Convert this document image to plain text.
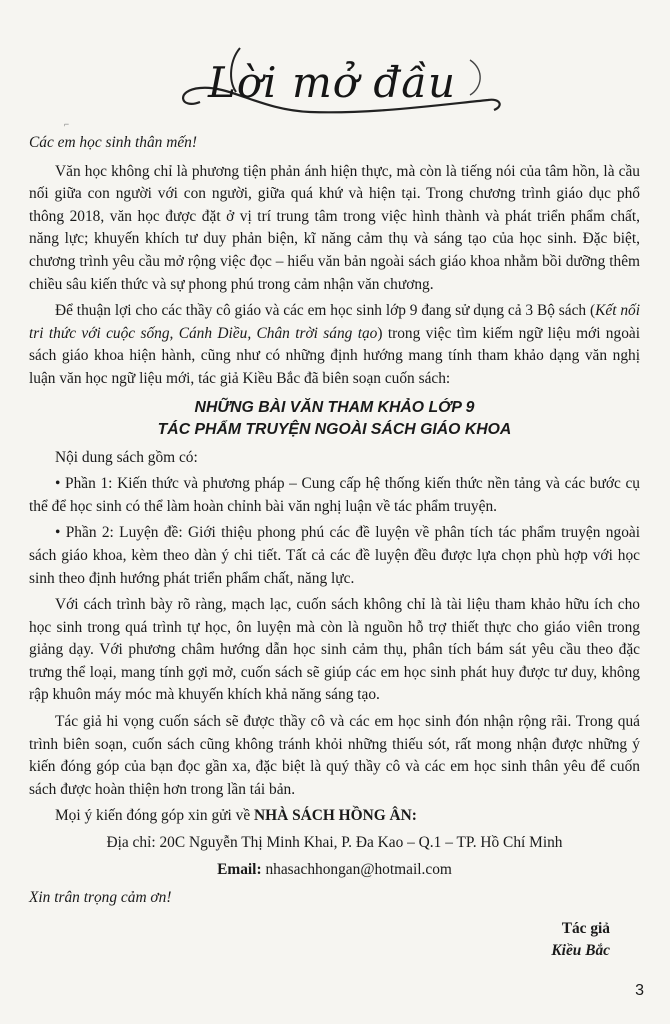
Lời mở đầu
⌐

Các em học sinh thân mến!

Văn học không chỉ là phương tiện phản ánh hiện thực, mà còn là tiếng nói của tâm hồn, là cầu nối giữa con người với con người, giữa quá khứ và hiện tại. Trong chương trình giáo dục phổ thông 2018, văn học được đặt ở vị trí trung tâm trong việc hình thành và phát triển phẩm chất, năng lực; khuyến khích tư duy phản biện, kĩ năng cảm thụ và sáng tạo của học sinh. Đặc biệt, chương trình yêu cầu mở rộng việc đọc – hiểu văn bản ngoài sách giáo khoa nhằm bồi dưỡng thêm chiều sâu kiến thức và sự phong phú trong cảm nhận văn chương.

Để thuận lợi cho các thầy cô giáo và các em học sinh lớp 9 đang sử dụng cả 3 Bộ sách (Kết nối tri thức với cuộc sống, Cánh Diều, Chân trời sáng tạo) trong việc tìm kiếm ngữ liệu mới ngoài sách giáo khoa hiện hành, cũng như có những định hướng mang tính tham khảo dạng văn nghị luận văn học ngữ liệu mới, tác giả Kiều Bắc đã biên soạn cuốn sách:

NHỮNG BÀI VĂN THAM KHẢO LỚP 9
TÁC PHẨM TRUYỆN NGOÀI SÁCH GIÁO KHOA

Nội dung sách gồm có:

• Phần 1: Kiến thức và phương pháp – Cung cấp hệ thống kiến thức nền tảng và các bước cụ thể để học sinh có thể làm hoàn chỉnh bài văn nghị luận về tác phẩm truyện.

• Phần 2: Luyện đề: Giới thiệu phong phú các đề luyện về phân tích tác phẩm truyện ngoài sách giáo khoa, kèm theo dàn ý chi tiết. Tất cả các đề luyện đều được lựa chọn phù hợp với học sinh theo định hướng phát triển phẩm chất, năng lực.

Với cách trình bày rõ ràng, mạch lạc, cuốn sách không chỉ là tài liệu tham khảo hữu ích cho học sinh trong quá trình tự học, ôn luyện mà còn là nguồn hỗ trợ thiết thực cho giáo viên trong giảng dạy. Với phương châm hướng dẫn học sinh cảm thụ, phân tích bám sát yêu cầu theo đặc trưng thể loại, mang tính gợi mở, cuốn sách sẽ giúp các em học sinh phát huy được tư duy, không rập khuôn máy móc mà khuyến khích khả năng sáng tạo.

Tác giả hi vọng cuốn sách sẽ được thầy cô và các em học sinh đón nhận rộng rãi. Trong quá trình biên soạn, cuốn sách cũng không tránh khỏi những thiếu sót, rất mong nhận được những ý kiến đóng góp của bạn đọc gần xa, đặc biệt là quý thầy cô và các em học sinh thân yêu để cuốn sách được hoàn thiện hơn trong lần tái bản.

Mọi ý kiến đóng góp xin gửi về NHÀ SÁCH HỒNG ÂN:

Địa chỉ: 20C Nguyễn Thị Minh Khai, P. Đa Kao – Q.1 – TP. Hồ Chí Minh

Email: nhasachhongan@hotmail.com

Xin trân trọng cảm ơn!

Tác giả

Kiều Bắc

3
